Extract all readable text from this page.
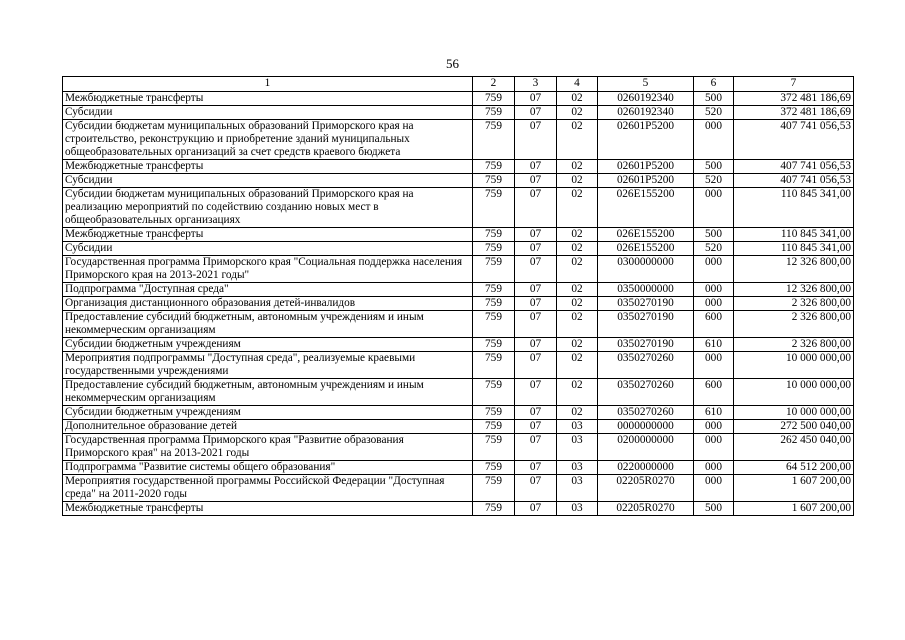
56
1	2	3	4	5	6	7
Межбюджетные трансферты	759	07	02	0260192340	500	372 481 186,69
Субсидии	759	07	02	0260192340	520	372 481 186,69
Субсидии бюджетам муниципальных образований Приморского края на строительство, реконструкцию и приобретение зданий муниципальных общеобразовательных организаций за счет средств краевого бюджета	759	07	02	02601P5200	000	407 741 056,53
Межбюджетные трансферты	759	07	02	02601P5200	500	407 741 056,53
Субсидии	759	07	02	02601P5200	520	407 741 056,53
Субсидии бюджетам муниципальных образований Приморского края на реализацию мероприятий по содействию созданию новых мест в общеобразовательных организациях	759	07	02	026E155200	000	110 845 341,00
Межбюджетные трансферты	759	07	02	026E155200	500	110 845 341,00
Субсидии	759	07	02	026E155200	520	110 845 341,00
Государственная программа Приморского края "Социальная поддержка населения Приморского края на 2013-2021 годы"	759	07	02	0300000000	000	12 326 800,00
Подпрограмма "Доступная среда"	759	07	02	0350000000	000	12 326 800,00
Организация дистанционного образования детей-инвалидов	759	07	02	0350270190	000	2 326 800,00
Предоставление субсидий бюджетным, автономным учреждениям и иным некоммерческим организациям	759	07	02	0350270190	600	2 326 800,00
Субсидии бюджетным учреждениям	759	07	02	0350270190	610	2 326 800,00
Мероприятия подпрограммы "Доступная среда", реализуемые краевыми государственными учреждениями	759	07	02	0350270260	000	10 000 000,00
Предоставление субсидий бюджетным, автономным учреждениям и иным некоммерческим организациям	759	07	02	0350270260	600	10 000 000,00
Субсидии бюджетным учреждениям	759	07	02	0350270260	610	10 000 000,00
Дополнительное образование детей	759	07	03	0000000000	000	272 500 040,00
Государственная программа Приморского края "Развитие образования Приморского края" на 2013-2021 годы	759	07	03	0200000000	000	262 450 040,00
Подпрограмма "Развитие системы общего образования"	759	07	03	0220000000	000	64 512 200,00
Мероприятия государственной программы Российской Федерации "Доступная среда" на 2011-2020 годы	759	07	03	02205R0270	000	1 607 200,00
Межбюджетные трансферты	759	07	03	02205R0270	500	1 607 200,00
